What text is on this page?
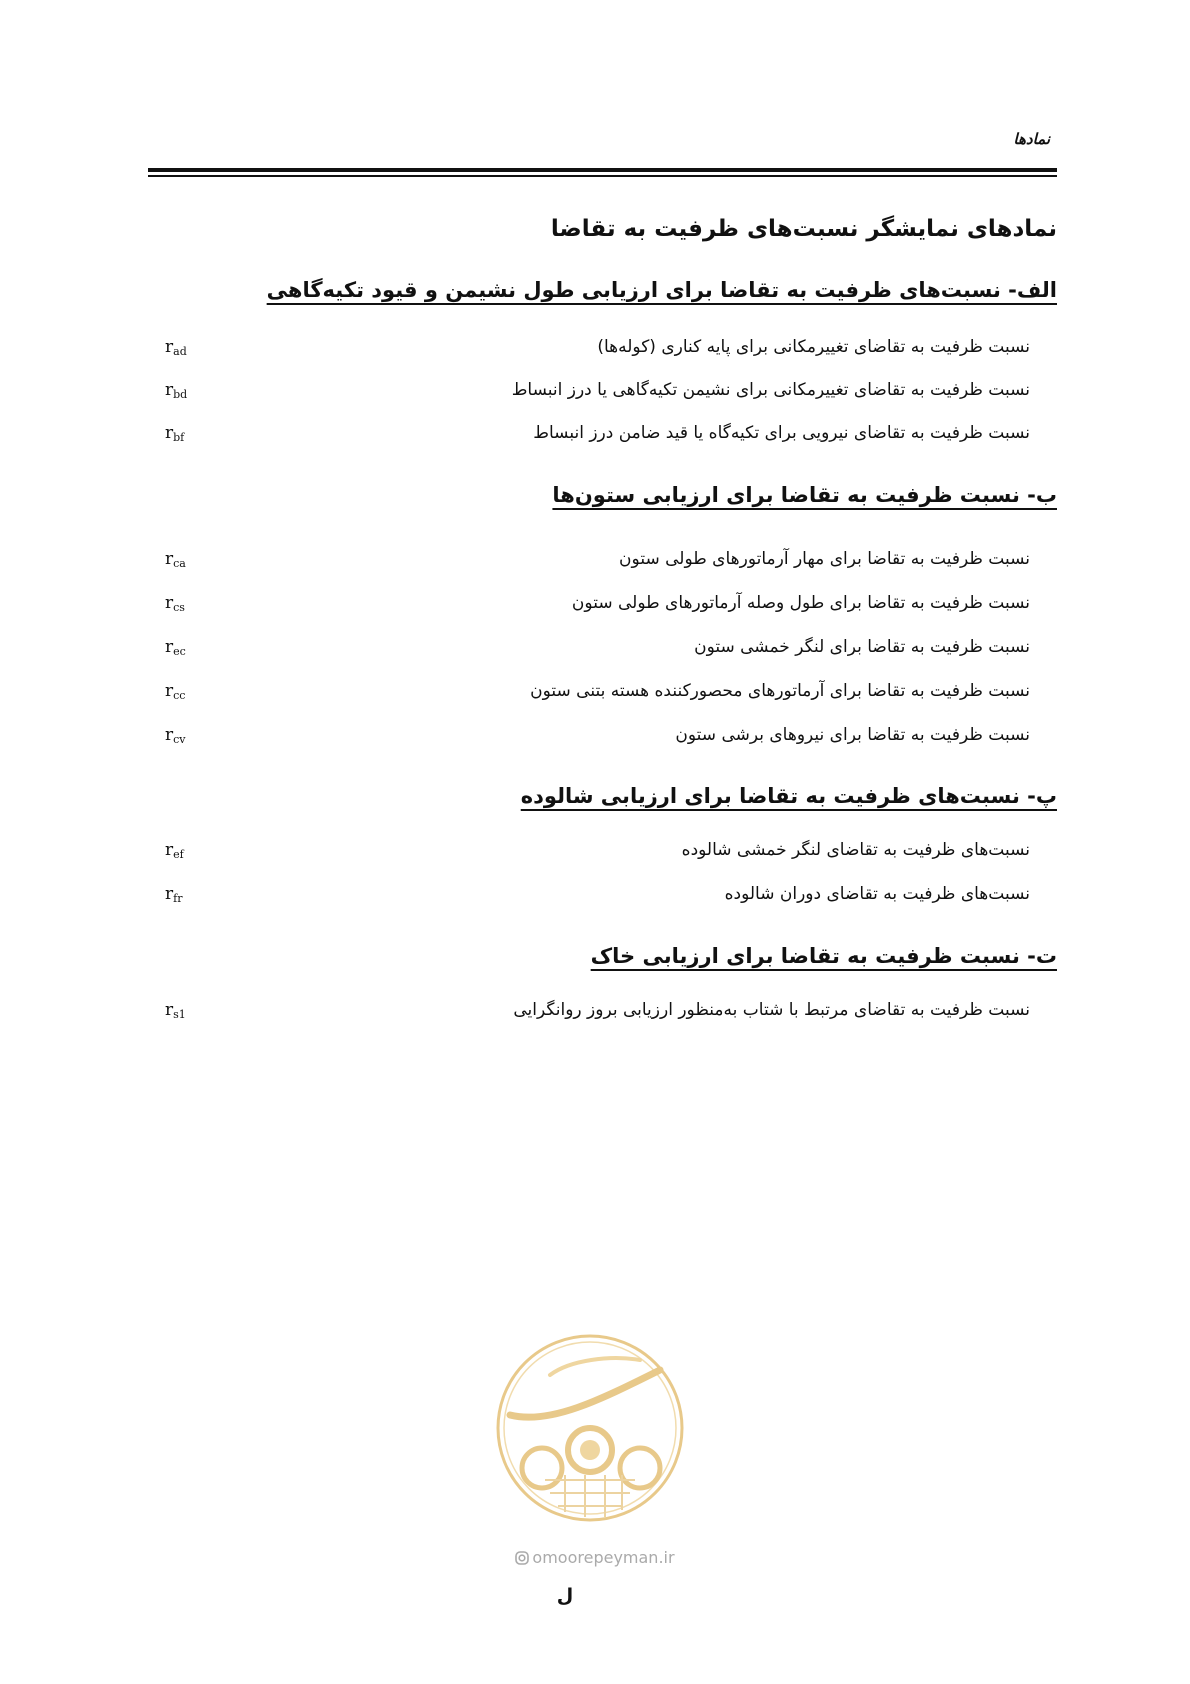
نمادها
نمادهای نمایشگر نسبت‌های ظرفیت به تقاضا
الف- نسبت‌های ظرفیت به تقاضا برای ارزیابی طول نشیمن و قیود تکیه‌گاهی
نسبت ظرفیت به تقاضای تغییرمکانی برای پایه کناری (کوله‌ها)
$r_{ad}$
نسبت ظرفیت به تقاضای تغییرمکانی برای نشیمن تکیه‌گاهی یا درز انبساط
$r_{bd}$
نسبت ظرفیت به تقاضای نیرویی برای تکیه‌گاه یا قید ضامن درز انبساط
$r_{bf}$
ب- نسبت ظرفیت به تقاضا برای ارزیابی ستون‌ها
نسبت ظرفیت به تقاضا برای مهار آرماتورهای طولی ستون
$r_{ca}$
نسبت ظرفیت به تقاضا برای طول وصله آرماتورهای طولی ستون
$r_{cs}$
نسبت ظرفیت به تقاضا برای لنگر خمشی ستون
$r_{ec}$
نسبت ظرفیت به تقاضا برای آرماتورهای محصورکننده هسته بتنی ستون
$r_{cc}$
نسبت ظرفیت به تقاضا برای نیروهای برشی ستون
$r_{cv}$
پ- نسبت‌های ظرفیت به تقاضا برای ارزیابی شالوده
نسبت‌های ظرفیت به تقاضای لنگر خمشی شالوده
$r_{ef}$
نسبت‌های ظرفیت به تقاضای دوران شالوده
$r_{fr}$
ت- نسبت ظرفیت به تقاضا برای ارزیابی خاک
نسبت ظرفیت به تقاضای مرتبط با شتاب به‌منظور ارزیابی بروز روانگرایی
$r_{s1}$
omoorepeyman.ir
ل
